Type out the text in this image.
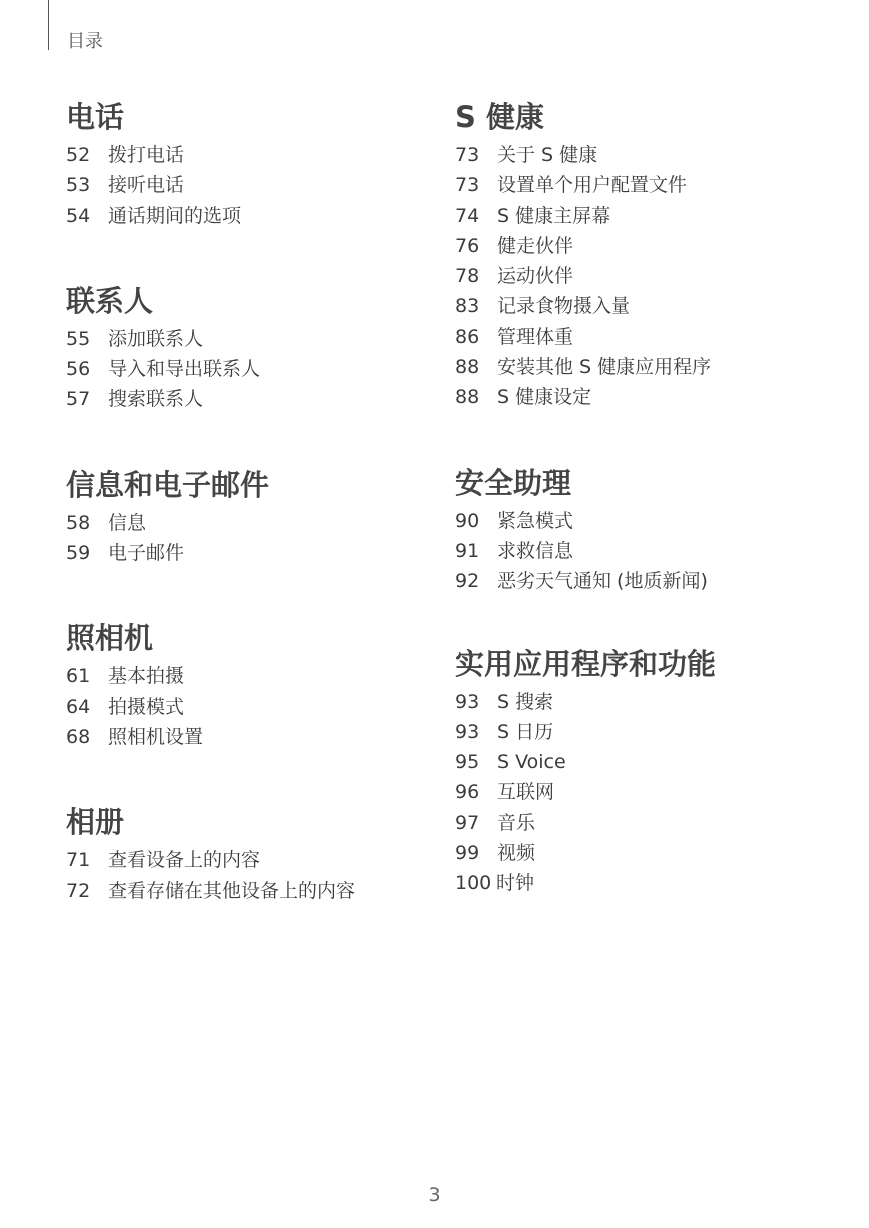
目录
电话
52 拨打电话
53 接听电话
54 通话期间的选项
联系人
55 添加联系人
56 导入和导出联系人
57 搜索联系人
信息和电子邮件
58 信息
59 电子邮件
照相机
61 基本拍摄
64 拍摄模式
68 照相机设置
相册
71 查看设备上的内容
72 查看存储在其他设备上的内容
S 健康
73 关于 S 健康
73 设置单个用户配置文件
74 S 健康主屏幕
76 健走伙伴
78 运动伙伴
83 记录食物摄入量
86 管理体重
88 安装其他 S 健康应用程序
88 S 健康设定
安全助理
90 紧急模式
91 求救信息
92 恶劣天气通知 (地质新闻)
实用应用程序和功能
93 S 搜索
93 S 日历
95 S Voice
96 互联网
97 音乐
99 视频
100 时钟
3
